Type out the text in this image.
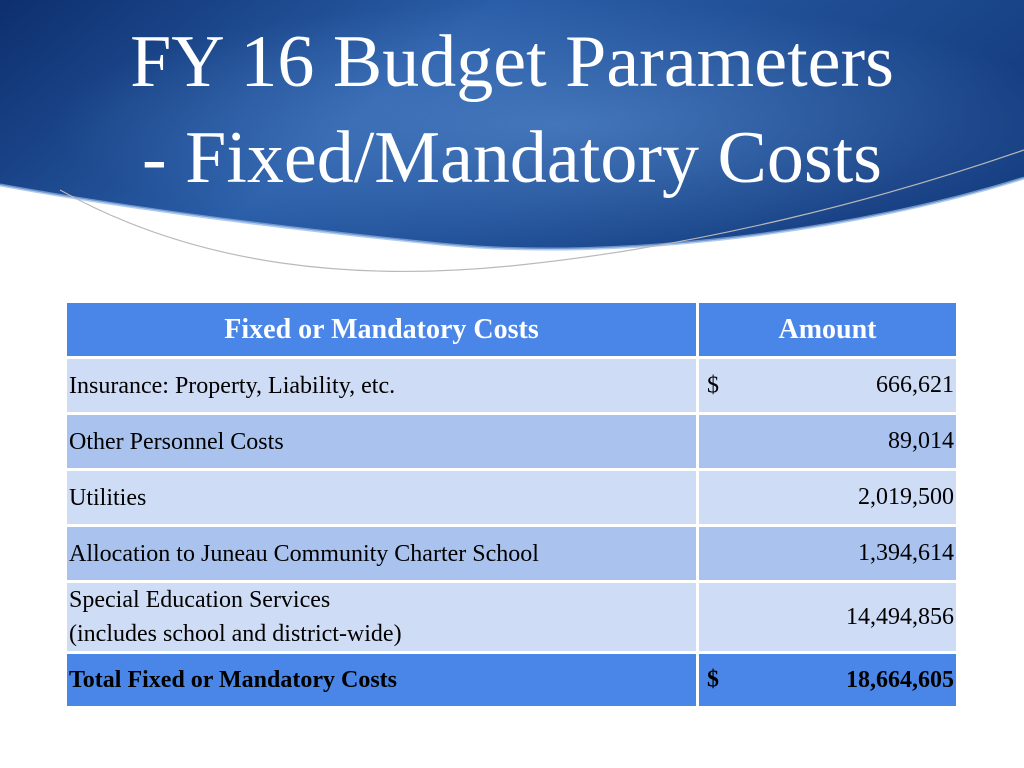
FY 16 Budget Parameters
- Fixed/Mandatory Costs
Fixed or Mandatory Costs	Amount
Insurance: Property, Liability, etc.	$ 666,621
Other Personnel Costs	89,014
Utilities	2,019,500
Allocation to Juneau Community Charter School	1,394,614
Special Education Services
(includes school and district-wide)	14,494,856
Total Fixed or Mandatory Costs	$ 18,664,605
